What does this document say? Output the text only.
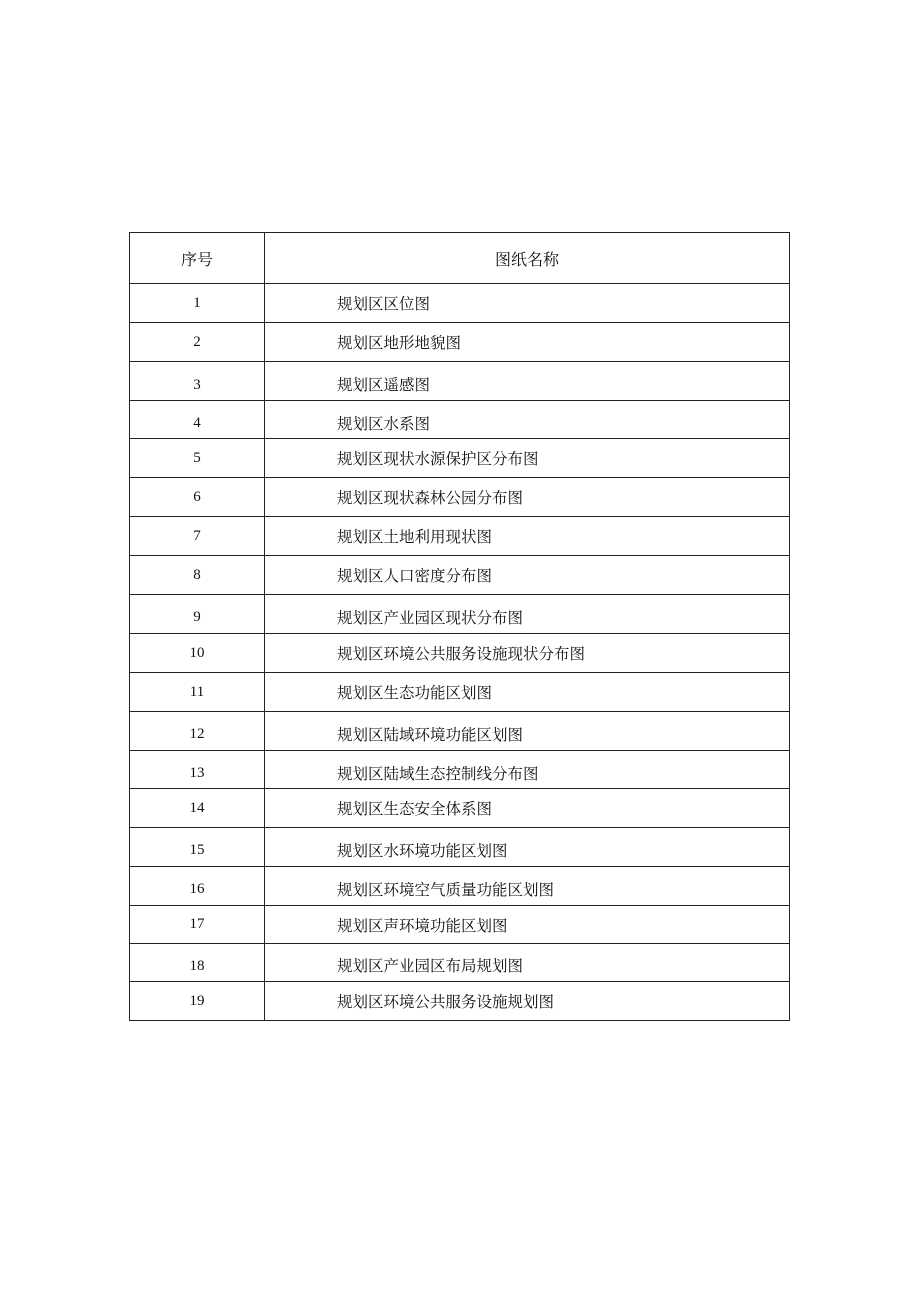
序号	图纸名称

1	规划区区位图

2	规划区地形地貌图

3	规划区遥感图

4	规划区水系图

5	规划区现状水源保护区分布图

6	规划区现状森林公园分布图

7	规划区土地利用现状图

8	规划区人口密度分布图

9	规划区产业园区现状分布图

10	规划区环境公共服务设施现状分布图

11	规划区生态功能区划图

12	规划区陆域环境功能区划图

13	规划区陆域生态控制线分布图

14	规划区生态安全体系图

15	规划区水环境功能区划图

16	规划区环境空气质量功能区划图

17	规划区声环境功能区划图

18	规划区产业园区布局规划图

19	规划区环境公共服务设施规划图
